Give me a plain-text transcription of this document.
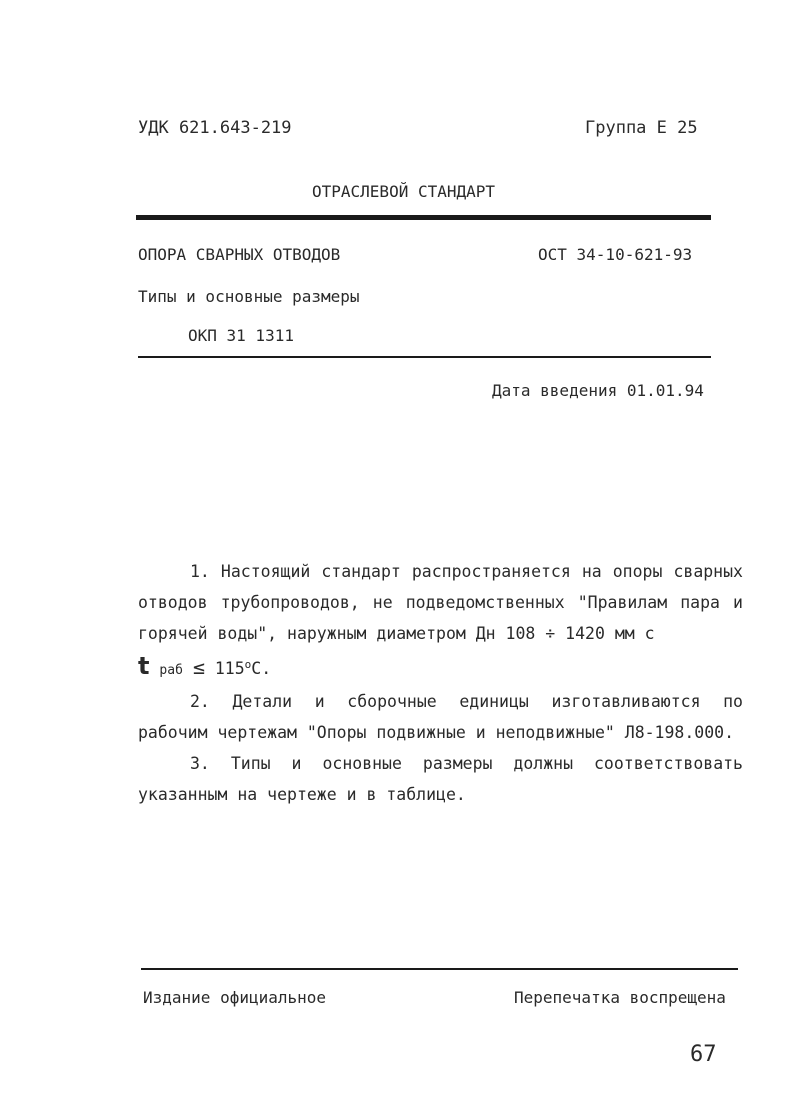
УДК 621.643-219	Группа Е 25
ОТРАСЛЕВОЙ СТАНДАРТ
ОПОРА СВАРНЫХ ОТВОДОВ	ОСТ 34-10-621-93
Типы и основные размеры
ОКП 31 1311
Дата введения 01.01.94

1. Настоящий стандарт распространяется на опоры сварных отводов трубопроводов, не подведомственных "Правилам пара и горячей воды", наружным диаметром Дн 108 ÷ 1420 мм с

t раб ≤ $115^оС$.

2. Детали и сборочные единицы изготавливаются по рабочим чертежам "Опоры подвижные и неподвижные" Л8-198.000.

3. Типы и основные размеры должны соответствовать указанным на чертеже и в таблице.

Издание официальное	Перепечатка воспрещена
67
